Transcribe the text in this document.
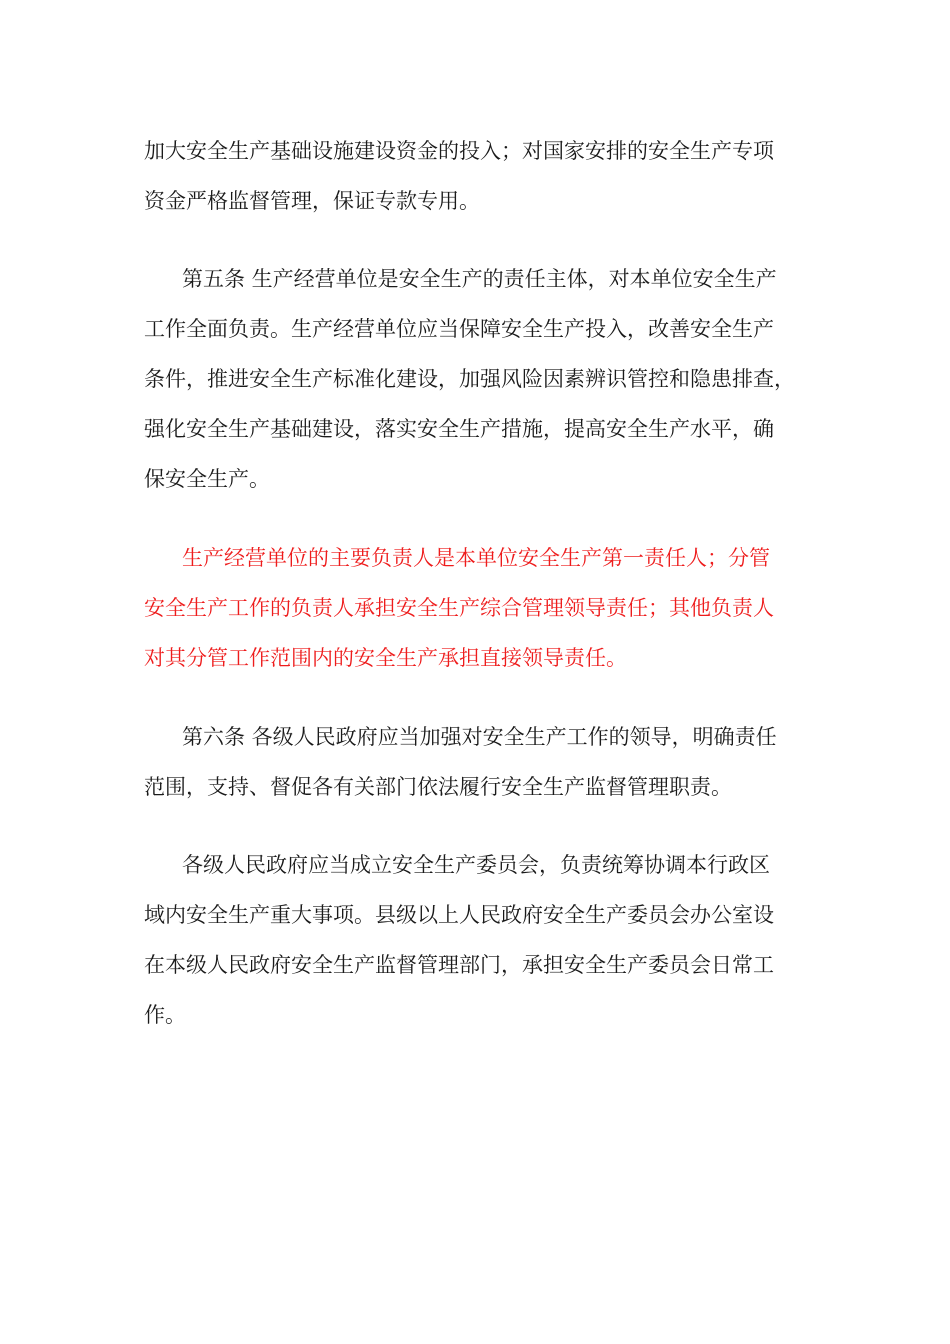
加大安全生产基础设施建设资金的投入；对国家安排的安全生产专项
资金严格监督管理，保证专款专用。
第五条 生产经营单位是安全生产的责任主体，对本单位安全生产
工作全面负责。生产经营单位应当保障安全生产投入，改善安全生产
条件，推进安全生产标准化建设，加强风险因素辨识管控和隐患排查，
强化安全生产基础建设，落实安全生产措施，提高安全生产水平，确
保安全生产。
生产经营单位的主要负责人是本单位安全生产第一责任人；分管
安全生产工作的负责人承担安全生产综合管理领导责任；其他负责人
对其分管工作范围内的安全生产承担直接领导责任。
第六条 各级人民政府应当加强对安全生产工作的领导，明确责任
范围，支持、督促各有关部门依法履行安全生产监督管理职责。
各级人民政府应当成立安全生产委员会，负责统筹协调本行政区
域内安全生产重大事项。县级以上人民政府安全生产委员会办公室设
在本级人民政府安全生产监督管理部门，承担安全生产委员会日常工
作。
